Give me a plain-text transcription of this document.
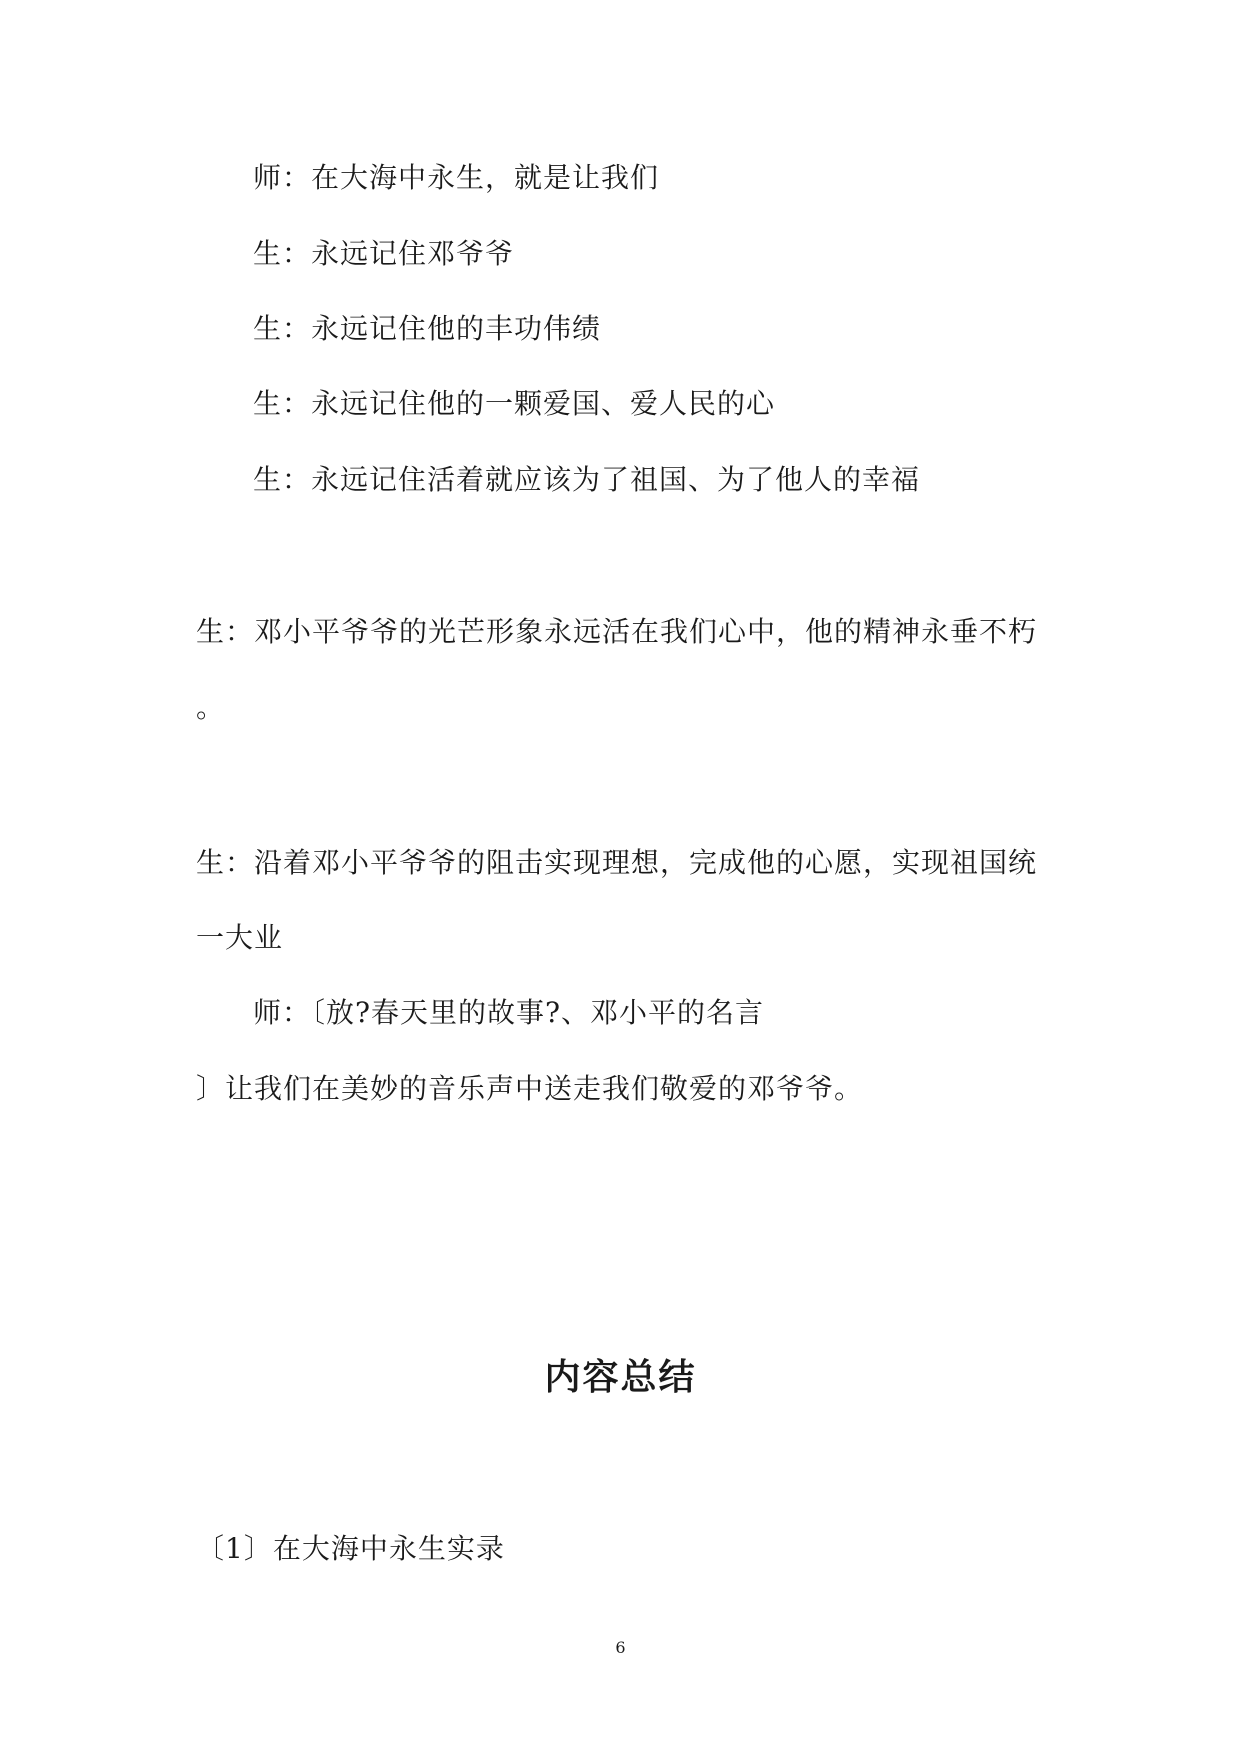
师：在大海中永生，就是让我们
生：永远记住邓爷爷
生：永远记住他的丰功伟绩
生：永远记住他的一颗爱国、爱人民的心
生：永远记住活着就应该为了祖国、为了他人的幸福
生：邓小平爷爷的光芒形象永远活在我们心中，他的精神永垂不朽
。
生：沿着邓小平爷爷的阻击实现理想，完成他的心愿，实现祖国统
一大业
师：〔放?春天里的故事?、邓小平的名言
〕让我们在美妙的音乐声中送走我们敬爱的邓爷爷。
内容总结
〔1〕在大海中永生实录
6
